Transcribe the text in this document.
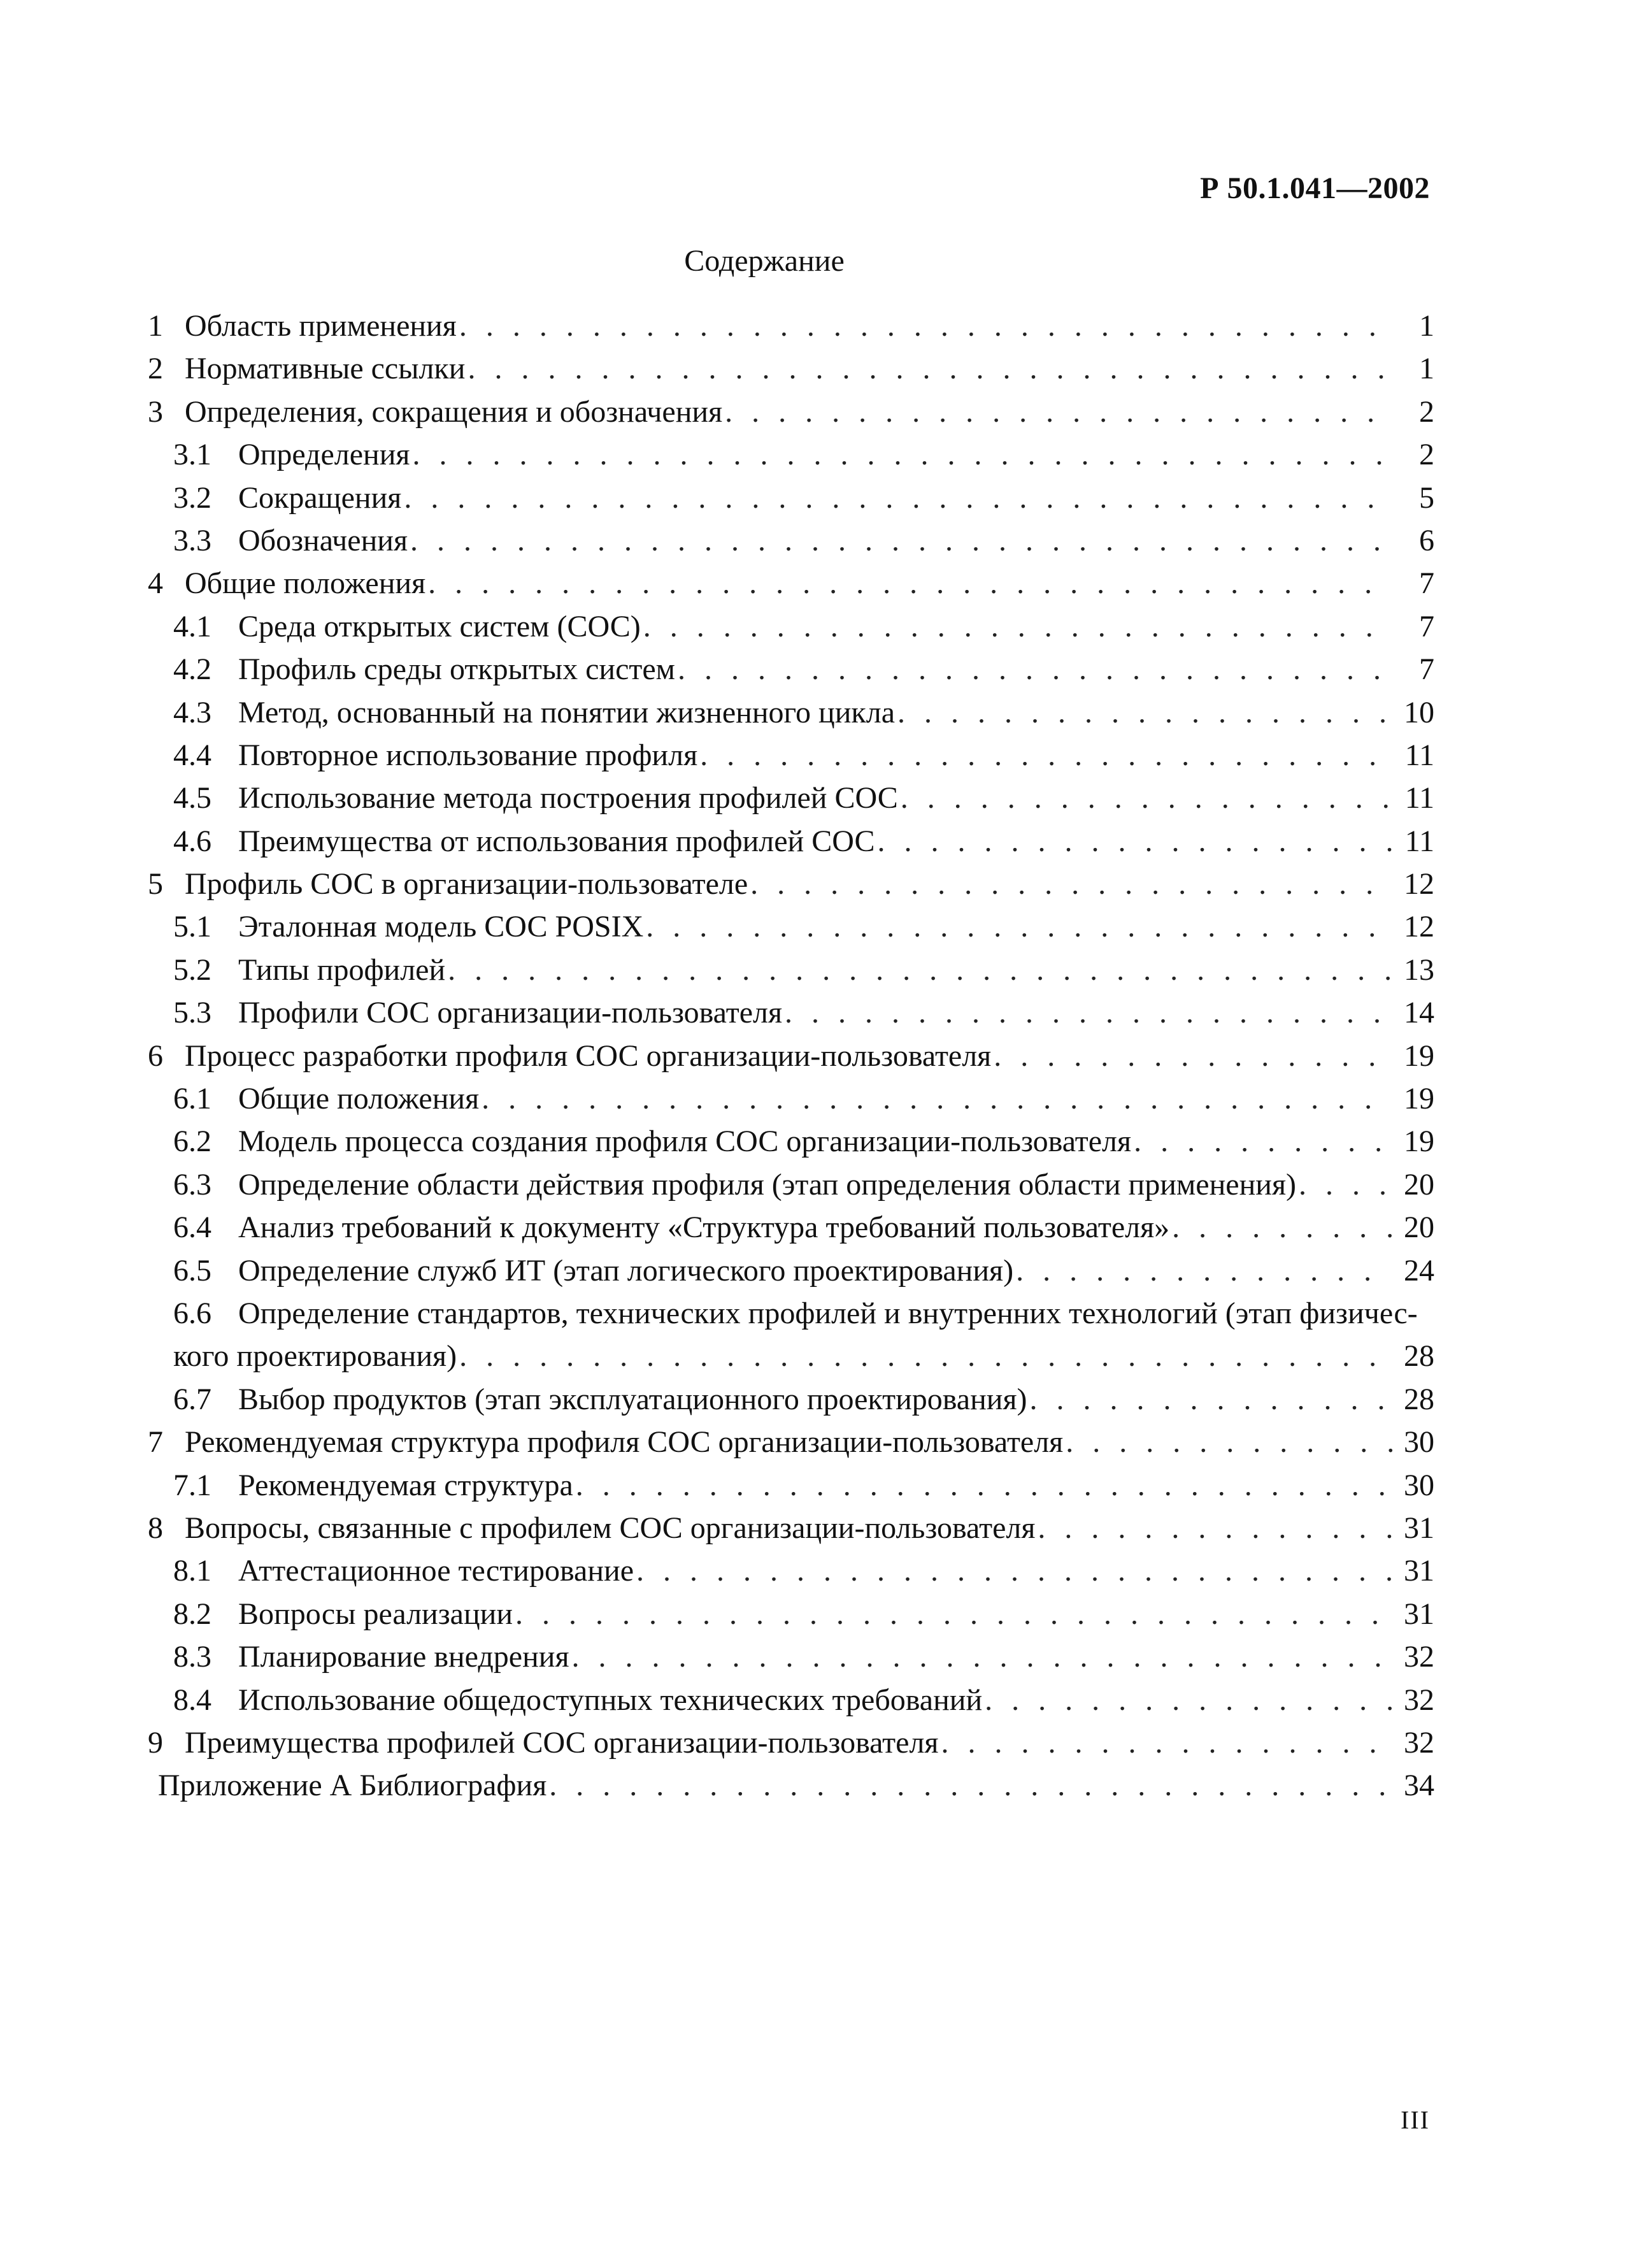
Р 50.1.041—2002
Содержание
1 Область применения . . .	1
2 Нормативные ссылки . . .	1
3 Определения, сокращения и обозначения . . .	2
3.1 Определения . . .	2
3.2 Сокращения . . .	5
3.3 Обозначения . . .	6
4 Общие положения . . .	7
4.1 Среда открытых систем (СОС) . . .	7
4.2 Профиль среды открытых систем . . .	7
4.3 Метод, основанный на понятии жизненного цикла . . .	10
4.4 Повторное использование профиля . . .	11
4.5 Использование метода построения профилей СОС . . .	11
4.6 Преимущества от использования профилей СОС . . .	11
5 Профиль СОС в организации-пользователе . . .	12
5.1 Эталонная модель СОС POSIX . . .	12
5.2 Типы профилей . . .	13
5.3 Профили СОС организации-пользователя . . .	14
6 Процесс разработки профиля СОС организации-пользователя . . .	19
6.1 Общие положения . . .	19
6.2 Модель процесса создания профиля СОС организации-пользователя . . .	19
6.3 Определение области действия профиля (этап определения области применения) . . .	20
6.4 Анализ требований к документу «Структура требований пользователя» . . .	20
6.5 Определение служб ИТ (этап логического проектирования) . . .	24
6.6 Определение стандартов, технических профилей и внутренних технологий (этап физичес-
кого проектирования) . . .	28
6.7 Выбор продуктов (этап эксплуатационного проектирования) . . .	28
7 Рекомендуемая структура профиля СОС организации-пользователя . . .	30
7.1 Рекомендуемая структура . . .	30
8 Вопросы, связанные с профилем СОС организации-пользователя . . .	31
8.1 Аттестационное тестирование . . .	31
8.2 Вопросы реализации . . .	31
8.3 Планирование внедрения . . .	32
8.4 Использование общедоступных технических требований . . .	32
9 Преимущества профилей СОС организации-пользователя . . .	32
Приложение А Библиография . . .	34
III
